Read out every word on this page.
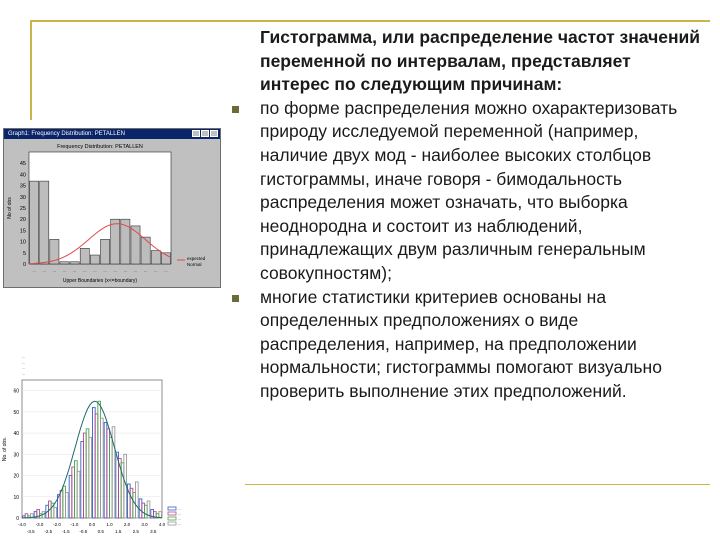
Гистограмма, или распределение частот значений переменной по интервалам, представляет интерес по следующим причинам:
по форме распределения можно охарактеризовать природу исследуемой переменной (например, наличие двух мод - наиболее высоких столбцов гистограммы, иначе говоря - бимодальность распределения может означать, что выборка неоднородна и состоит из наблюдений, принадлежащих двум различным генеральным совокупностям);
многие статистики критериев основаны на определенных предположениях о виде распределения, например, на предположении нормальности; гистограммы помогают визуально проверить выполнение этих предположений.
Graph1: Frequency Distribution: PETALLEN
Frequency Distribution: PETALLEN
0
5
10
15
20
25
30
35
40
45
No of obs
... ... ... ... ... ... ... ... ... ... ... ... ... ...
Upper Boundaries (x<=boundary)
expected
Normal
...
...
...
...
0
10
20
30
40
50
60
No. of obs.
-4.0 -3.0 -2.0 -1.0 0.0 1.0 2.0 3.0 4.0
-3.5 -2.5 -1.5 -0.5 0.5 1.5 2.5 3.5
...
...
...
...
